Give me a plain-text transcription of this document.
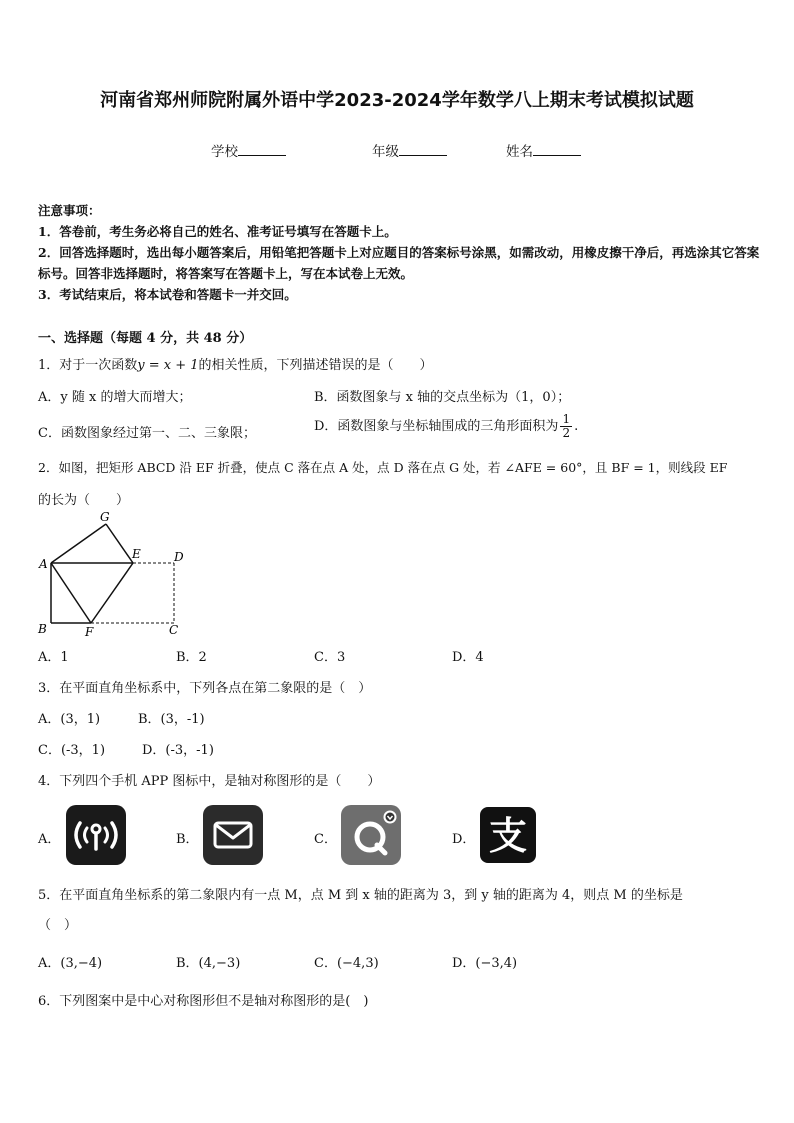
河南省郑州师院附属外语中学2023-2024学年数学八上期末考试模拟试题
学校	年级	姓名
注意事项：
1．答卷前，考生务必将自己的姓名、准考证号填写在答题卡上。
2．回答选择题时，选出每小题答案后，用铅笔把答题卡上对应题目的答案标号涂黑，如需改动，用橡皮擦干净后，再选涂其它答案标号。回答非选择题时，将答案写在答题卡上，写在本试卷上无效。
3．考试结束后，将本试卷和答题卡一并交回。
一、选择题（每题 4 分，共 48 分）
1．对于一次函数y = x + 1的相关性质，下列描述错误的是（　　）
A．y 随 x 的增大而增大；	B．函数图象与 x 轴的交点坐标为（1，0）；
C．函数图象经过第一、二、三象限；	D．函数图象与坐标轴围成的三角形面积为 $\frac{1}{2}$ .
2．如图，把矩形 ABCD 沿 EF 折叠，使点 C 落在点 A 处，点 D 落在点 G 处，若 ∠AFE = 60°，且 BF = 1，则线段 EF
的长为（　　）
A
B	F	C
D
E
G
A．1	B．2	C．3	D．4
3．在平面直角坐标系中，下列各点在第二象限的是（　）
A．(3，1)	B．(3，-1)
C．(-3，1)	D．(-3，-1)
4．下列四个手机 APP 图标中，是轴对称图形的是（　　）
A．	B．	C．	D． 支
5．在平面直角坐标系的第二象限内有一点 M，点 M 到 x 轴的距离为 3，到 y 轴的距离为 4，则点 M 的坐标是
（　）
A．(3,−4)	B．(4,−3)	C．(−4,3)	D．(−3,4)
6．下列图案中是中心对称图形但不是轴对称图形的是(　)
